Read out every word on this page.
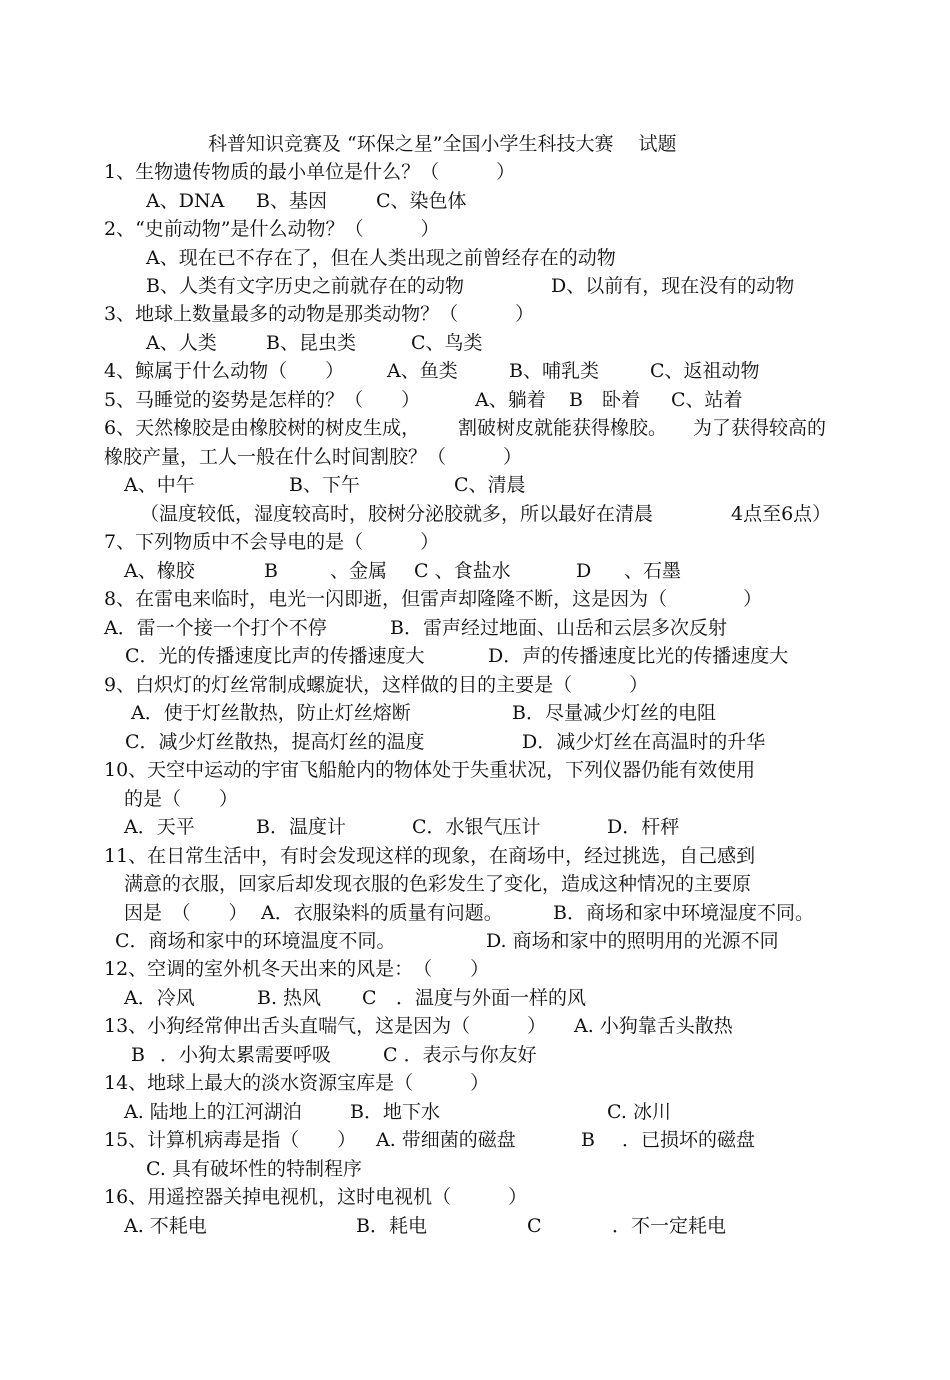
科普知识竞赛及 “环保之星”全国小学生科技大赛　 试题

1、生物遗传物质的最小单位是什么？（　　　）

A、DNA

B、基因

	C、染色体

2、“史前动物”是什么动物？（　　　）

A、现在已不存在了，但在人类出现之前曾经存在的动物

B、人类有文字历史之前就存在的动物

	D、以前有，现在没有的动物

3、地球上数量最多的动物是那类动物？（　　　）

A、人类

	B、昆虫类

	C、鸟类

4、鲸属于什么动物（　　）

A、鱼类

	B、哺乳类

	C、返祖动物

5、马睡觉的姿势是怎样的？（　　）

	A、躺着

B　卧着

C、站着

6、天然橡胶是由橡胶树的树皮生成，

割破树皮就能获得橡胶。

为了获得较高的

橡胶产量，工人一般在什么时间割胶？（　　　）

A、中午

	B、下午

	C、清晨

（温度较低，湿度较高时，胶树分泌胶就多，所以最好在清晨

	4点至6点）

7、下列物质中不会导电的是（　　　）

A、橡胶

	B

	、金属

C 、食盐水

	D

、石墨

8、在雷电来临时，电光一闪即逝，但雷声却隆隆不断，这是因为（　　　　）

A．雷一个接一个打个不停

	B．雷声经过地面、山岳和云层多次反射

C．光的传播速度比声的传播速度大

	D．声的传播速度比光的传播速度大

9、白炽灯的灯丝常制成螺旋状，这样做的目的主要是（　　　）

A．使于灯丝散热，防止灯丝熔断

	B．尽量减少灯丝的电阻

C．减少灯丝散热，提高灯丝的温度

	D．减少灯丝在高温时的升华

10、天空中运动的宇宙飞船舱内的物体处于失重状况，下列仪器仍能有效使用

的是（　　）

A．天平

	B．温度计

	C．水银气压计

	D．杆秤

11、在日常生活中，有时会发现这样的现象，在商场中，经过挑选，自己感到

满意的衣服，回家后却发现衣服的色彩发生了变化，造成这种情况的主要原

因是　（　　）

A．衣服染料的质量有问题。

	B．商场和家中环境湿度不同。

C．商场和家中的环境温度不同。

	D. 商场和家中的照明用的光源不同

12、空调的室外机冬天出来的风是：　（　　）

A．冷风

	B. 热风

C

．温度与外面一样的风

13、小狗经常伸出舌头直喘气，这是因为（　　　）

A. 小狗靠舌头散热

B

．小狗太累需要呼吸

	C ．表示与你友好

14、地球上最大的淡水资源宝库是（　　　）

A. 陆地上的江河湖泊

	B．地下水

	C. 冰川

15、计算机病毒是指（　　）

A. 带细菌的磁盘

	B

．已损坏的磁盘

C. 具有破坏性的特制程序

16、用遥控器关掉电视机，这时电视机（　　　）

A. 不耗电

	B．耗电

	C

	．不一定耗电
